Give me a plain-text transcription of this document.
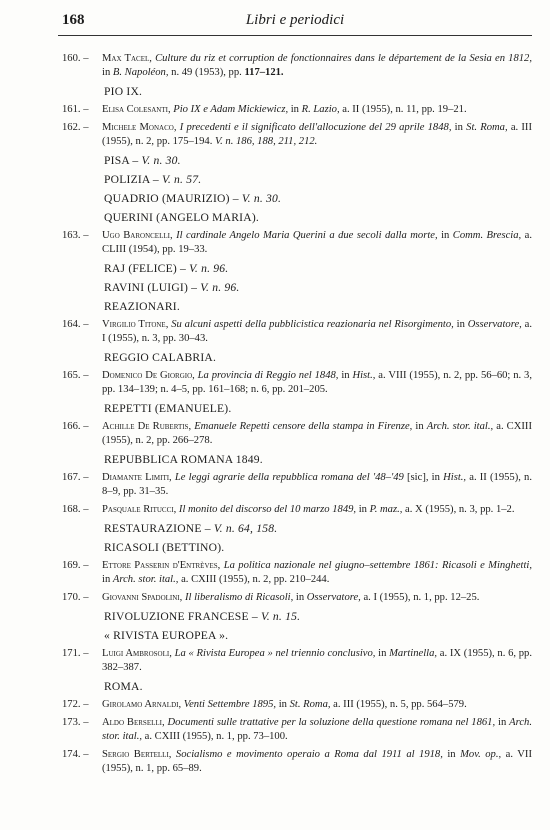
168	Libri e periodici
160. – Max Tacel, Culture du riz et corruption de fonctionnaires dans le département de la Sesia en 1812, in B. Napoléon, n. 49 (1953), pp. 117–121.
PIO IX.
161. – Elisa Colesanti, Pio IX e Adam Mickiewicz, in R. Lazio, a. II (1955), n. 11, pp. 19–21.
162. – Michele Monaco, I precedenti e il significato dell'allocuzione del 29 aprile 1848, in St. Roma, a. III (1955), n. 2, pp. 175–194. V. n. 186, 188, 211, 212.
PISA – V. n. 30.
POLIZIA – V. n. 57.
QUADRIO (MAURIZIO) – V. n. 30.
QUERINI (ANGELO MARIA).
163. – Ugo Baroncelli, Il cardinale Angelo Maria Querini a due secoli dalla morte, in Comm. Brescia, a. CLIII (1954), pp. 19–33.
RAJ (FELICE) – V. n. 96.
RAVINI (LUIGI) – V. n. 96.
REAZIONARI.
164. – Virgilio Titone, Su alcuni aspetti della pubblicistica reazionaria nel Risorgimento, in Osservatore, a. I (1955), n. 3, pp. 30–43.
REGGIO CALABRIA.
165. – Domenico De Giorgio, La provincia di Reggio nel 1848, in Hist., a. VIII (1955), n. 2, pp. 56–60; n. 3, pp. 134–139; n. 4–5, pp. 161–168; n. 6, pp. 201–205.
REPETTI (EMANUELE).
166. – Achille De Rubertis, Emanuele Repetti censore della stampa in Firenze, in Arch. stor. ital., a. CXIII (1955), n. 2, pp. 266–278.
REPUBBLICA ROMANA 1849.
167. – Diamante Limiti, Le leggi agrarie della repubblica romana del '48–'49 [sic], in Hist., a. II (1955), n. 8–9, pp. 31–35.
168. – Pasquale Ritucci, Il monito del discorso del 10 marzo 1849, in P. maz., a. X (1955), n. 3, pp. 1–2.
RESTAURAZIONE – V. n. 64, 158.
RICASOLI (BETTINO).
169. – Ettore Passerin d'Entrèves, La politica nazionale nel giugno–settembre 1861: Ricasoli e Minghetti, in Arch. stor. ital., a. CXIII (1955), n. 2, pp. 210–244.
170. – Giovanni Spadolini, Il liberalismo di Ricasoli, in Osservatore, a. I (1955), n. 1, pp. 12–25.
RIVOLUZIONE FRANCESE – V. n. 15.
« RIVISTA EUROPEA ».
171. – Luigi Ambrosoli, La « Rivista Europea » nel triennio conclusivo, in Martinella, a. IX (1955), n. 6, pp. 382–387.
ROMA.
172. – Girolamo Arnaldi, Venti Settembre 1895, in St. Roma, a. III (1955), n. 5, pp. 564–579.
173. – Aldo Berselli, Documenti sulle trattative per la soluzione della questione romana nel 1861, in Arch. stor. ital., a. CXIII (1955), n. 1, pp. 73–100.
174. – Sergio Bertelli, Socialismo e movimento operaio a Roma dal 1911 al 1918, in Mov. op., a. VII (1955), n. 1, pp. 65–89.
